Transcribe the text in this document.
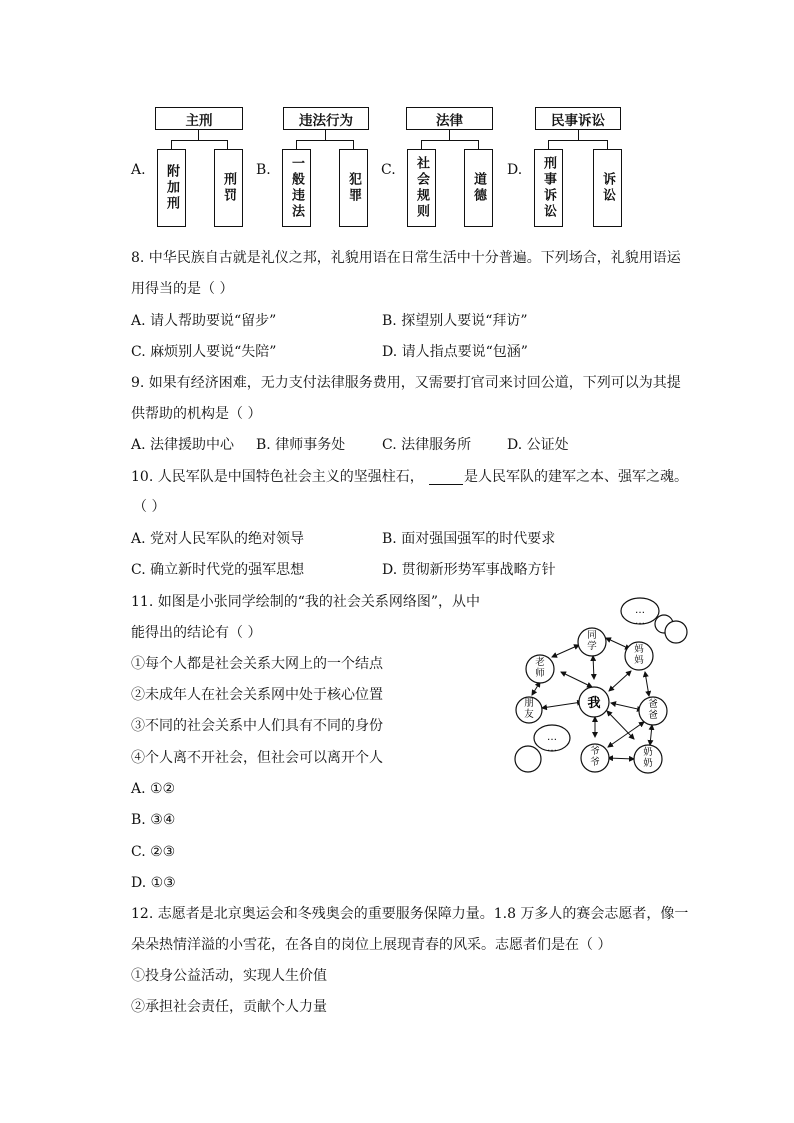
A.
主刑
附加刑	刑罚
B.
违法行为
一般违法	犯罪
C.
法律
社会规则	道德
D.
民事诉讼
刑事诉讼	诉讼
8. 中华民族自古就是礼仪之邦，礼貌用语在日常生活中十分普遍。下列场合，礼貌用语运
用得当的是（ ）
A. 请人帮助要说“留步”	B. 探望别人要说“拜访”
C. 麻烦别人要说“失陪”	D. 请人指点要说“包涵”
9. 如果有经济困难，无力支付法律服务费用，又需要打官司来讨回公道，下列可以为其提
供帮助的机构是（ ）
A. 法律援助中心 B. 律师事务处	C. 法律服务所	D. 公证处
10. 人民军队是中国特色社会主义的坚强柱石，	是人民军队的建军之本、强军之魂。
（ ）
A. 党对人民军队的绝对领导	B. 面对强国强军的时代要求
C. 确立新时代党的强军思想	D. 贯彻新形势军事战略方针
11. 如图是小张同学绘制的“我的社会关系网络图”，从中
能得出的结论有（ ）
①每个人都是社会关系大网上的一个结点
②未成年人在社会关系网中处于核心位置
③不同的社会关系中人们具有不同的身份
④个人离不开社会，但社会可以离开个人
A. ①②
B. ③④
C. ②③
D. ①③
我
同学
老师
妈妈
朋友
爸爸
爷爷
奶奶
… …
… …
12. 志愿者是北京奥运会和冬残奥会的重要服务保障力量。1.8 万多人的赛会志愿者，像一
朵朵热情洋溢的小雪花，在各自的岗位上展现青春的风采。志愿者们是在（ ）
①投身公益活动，实现人生价值
②承担社会责任，贡献个人力量
